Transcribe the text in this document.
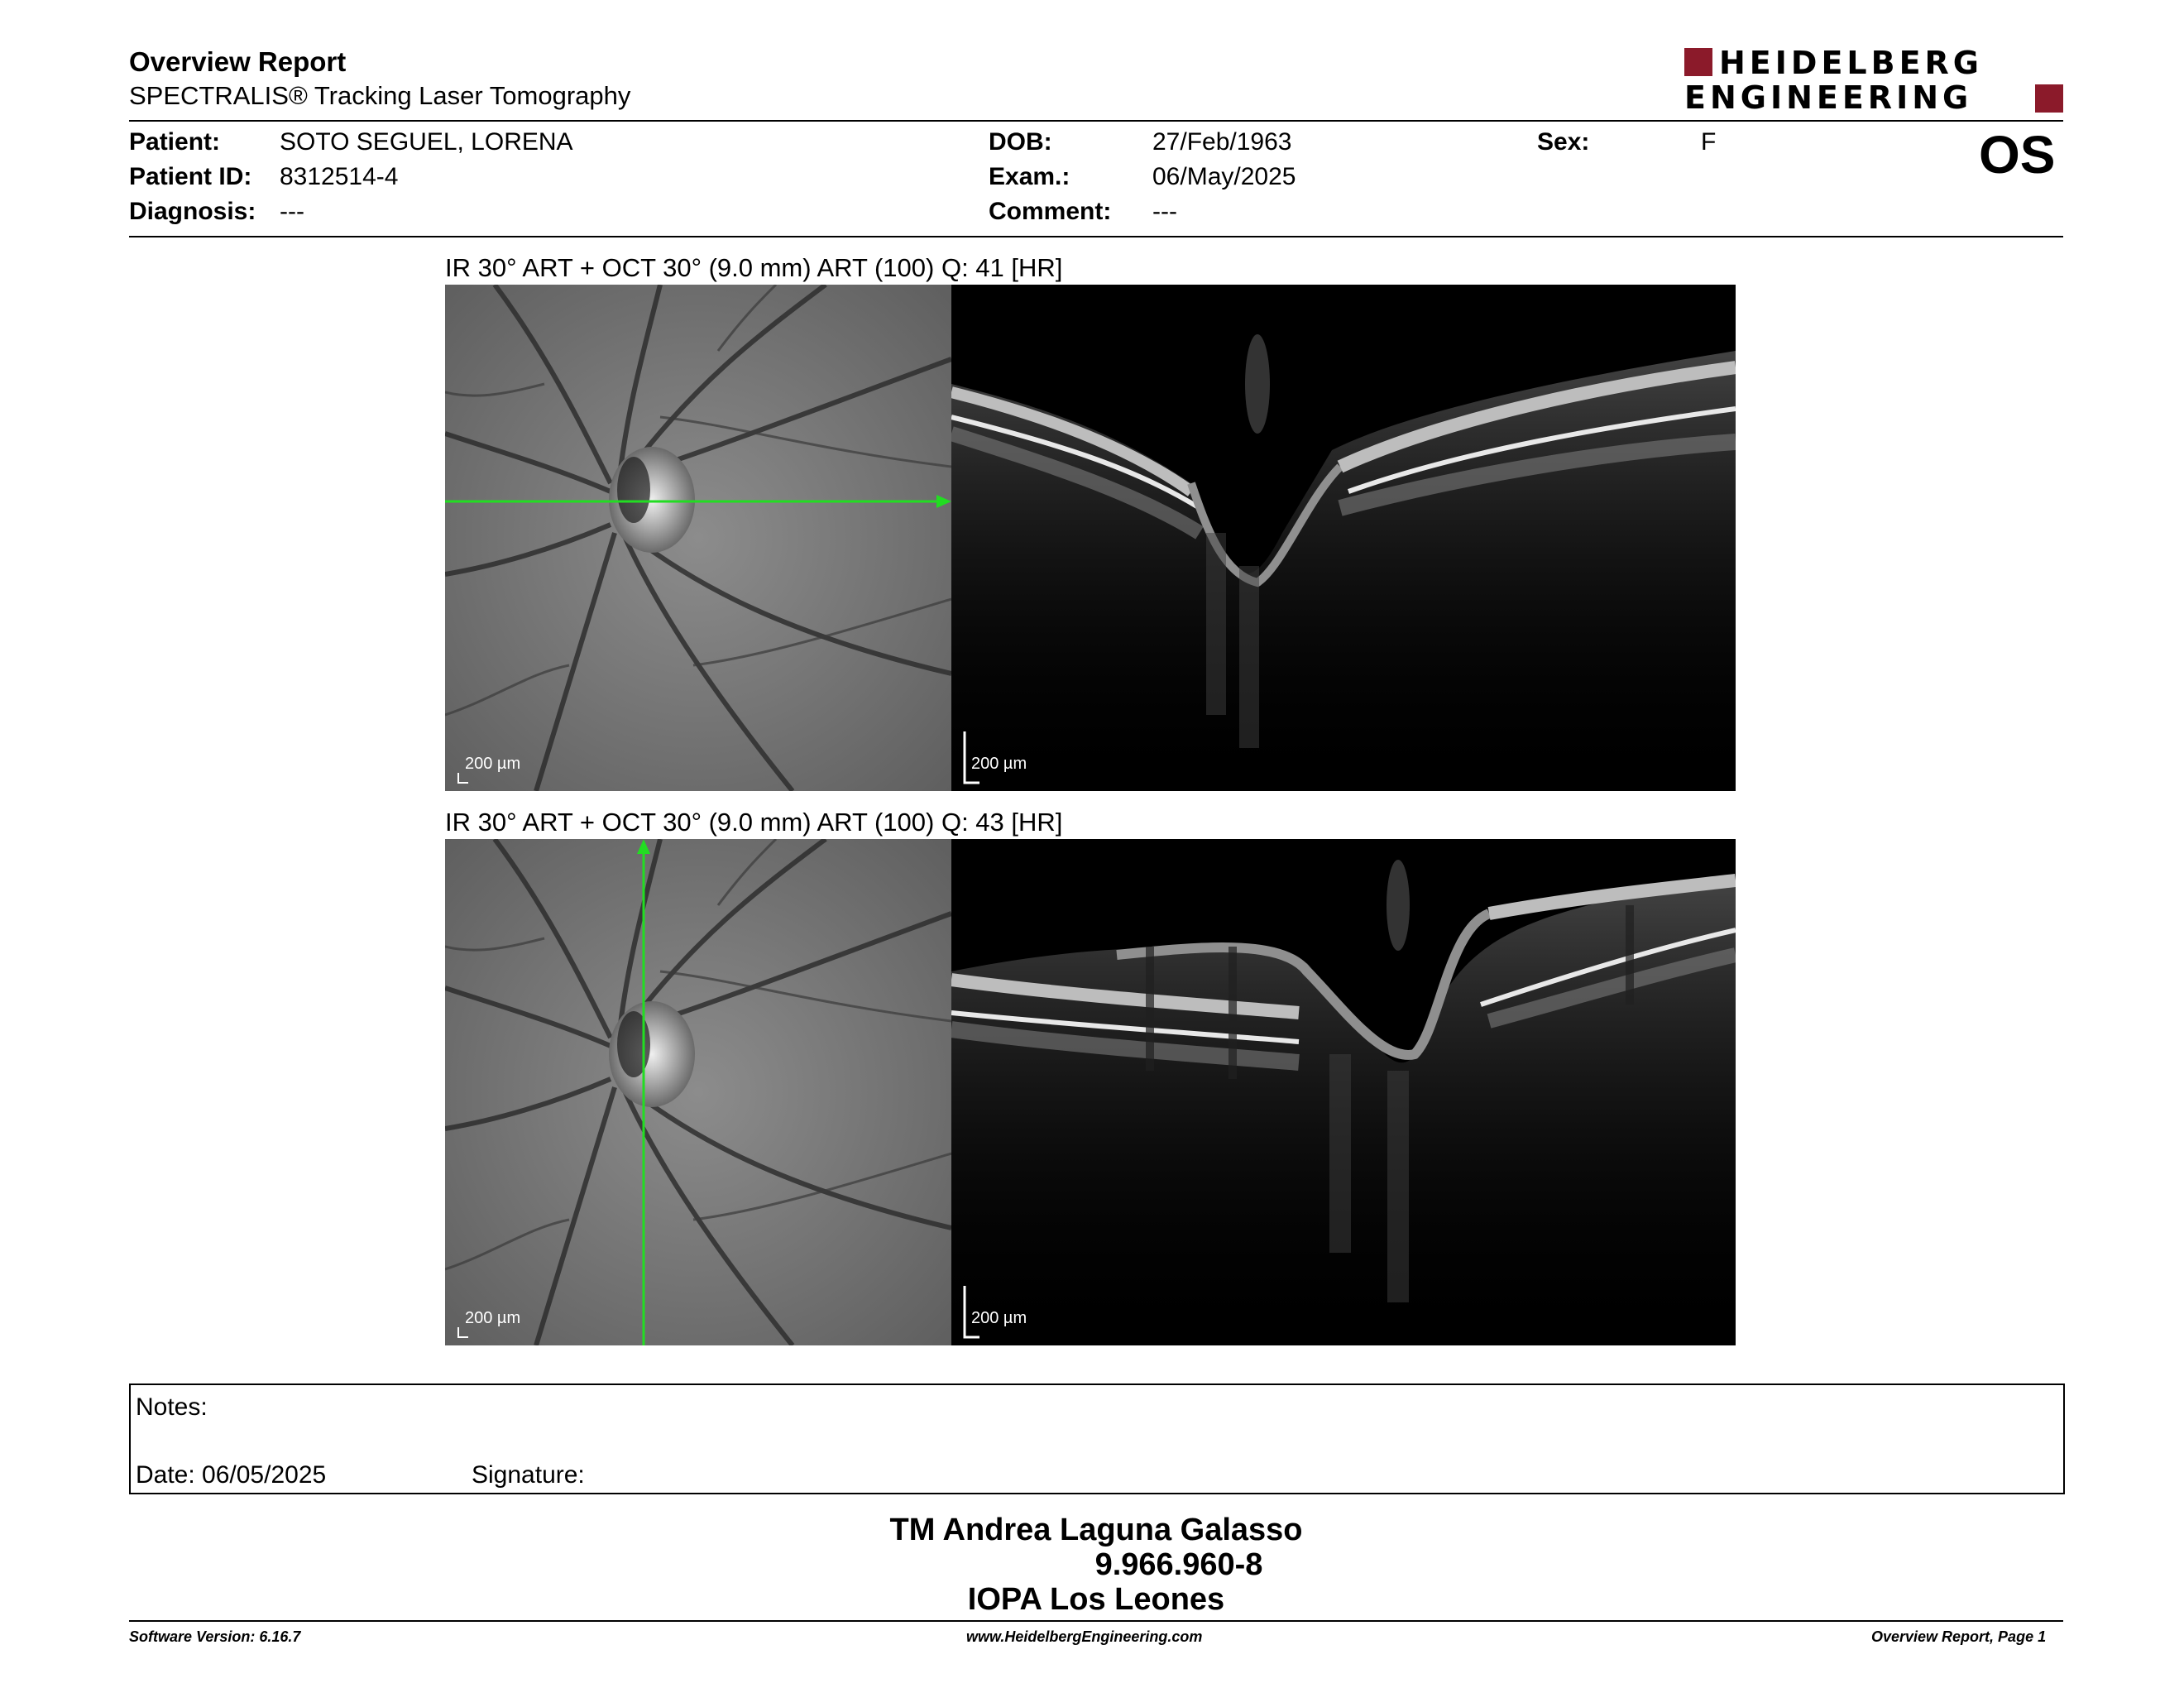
Overview Report
SPECTRALIS® Tracking Laser Tomography
HEIDELBERG
ENGINEERING
Patient: SOTO SEGUEL, LORENA
Patient ID: 8312514-4
Diagnosis: ---
DOB:	27/Feb/1963
Exam.:	06/May/2025
Comment: ---
Sex:	F	OS
IR 30° ART + OCT 30° (9.0 mm) ART (100) Q: 41 [HR]
200 µm	200 µm
IR 30° ART + OCT 30° (9.0 mm) ART (100) Q: 43 [HR]
200 µm	200 µm
Notes:
Date: 06/05/2025	Signature:
TM Andrea Laguna Galasso
9.966.960-8
IOPA Los Leones
Software Version: 6.16.7	www.HeidelbergEngineering.com	Overview Report, Page 1
